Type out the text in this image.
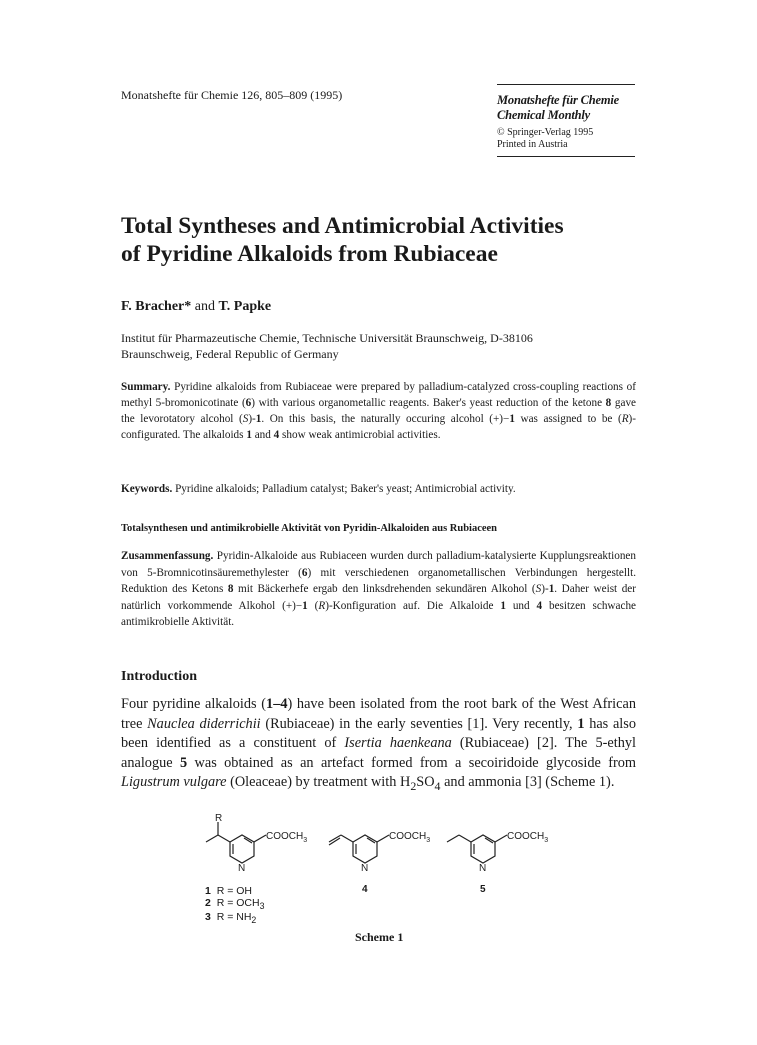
Monatshefte für Chemie 126, 805–809 (1995)	Monatshefte für Chemie
Chemical Monthly
© Springer-Verlag 1995
Printed in Austria
Total Syntheses and Antimicrobial Activities
of Pyridine Alkaloids from Rubiaceae
F. Bracher* and T. Papke
Institut für Pharmazeutische Chemie, Technische Universität Braunschweig, D-38106
Braunschweig, Federal Republic of Germany
Summary. Pyridine alkaloids from Rubiaceae were prepared by palladium-catalyzed cross-coupling reactions of methyl 5-bromonicotinate (6) with various organometallic reagents. Baker's yeast reduction of the ketone 8 gave the levorotatory alcohol (S)-1. On this basis, the naturally occuring alcohol (+)−1 was assigned to be (R)-configurated. The alkaloids 1 and 4 show weak antimicrobial activities.
Keywords. Pyridine alkaloids; Palladium catalyst; Baker's yeast; Antimicrobial activity.
Totalsynthesen und antimikrobielle Aktivität von Pyridin-Alkaloiden aus Rubiaceen
Zusammenfassung. Pyridin-Alkaloide aus Rubiaceen wurden durch palladium-katalysierte Kupplungsreaktionen von 5-Bromnicotinsäuremethylester (6) mit verschiedenen organometallischen Verbindungen hergestellt. Reduktion des Ketons 8 mit Bäckerhefe ergab den linksdrehenden sekundären Alkohol (S)-1. Daher weist der natürlich vorkommende Alkohol (+)−1 (R)-Konfiguration auf. Die Alkaloide 1 und 4 besitzen schwache antimikrobielle Aktivität.
Introduction
Four pyridine alkaloids (1–4) have been isolated from the root bark of the West African tree Nauclea diderrichii (Rubiaceae) in the early seventies [1]. Very recently, 1 has also been identified as a constituent of Isertia haenkeana (Rubiaceae) [2]. The 5-ethyl analogue 5 was obtained as an artefact formed from a secoiridoide glycoside from Ligustrum vulgare (Oleaceae) by treatment with $H_2SO_4$ and ammonia [3] (Scheme 1).
R
$COOCH_3$
N
$COOCH_3$
N
$COOCH_3$
N
4	5
1 R = OH
2 $R = OCH_3$
3 $R = NH_2$
Scheme 1
